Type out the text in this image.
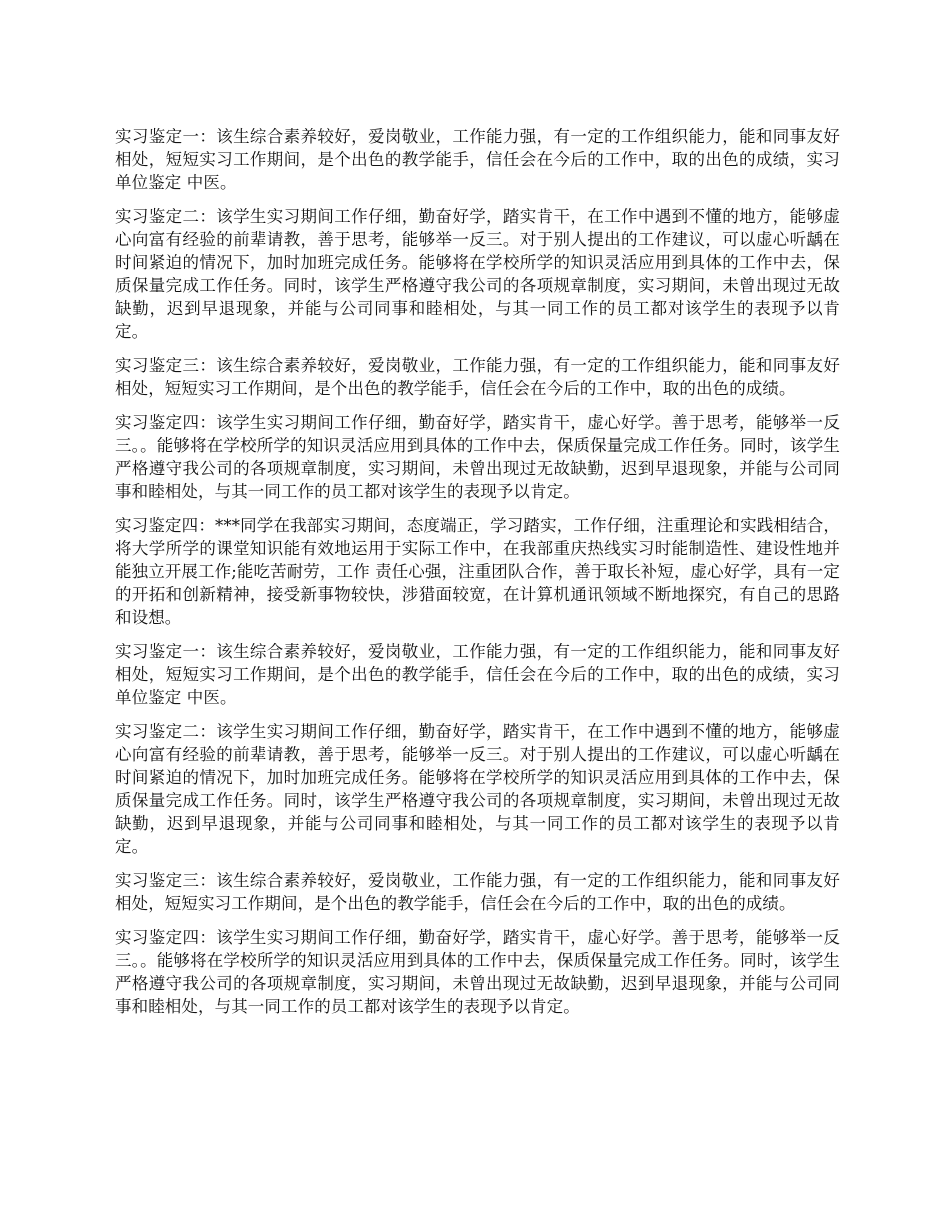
实习鉴定一：该生综合素养较好，爱岗敬业，工作能力强，有一定的工作组织能力，能和同事友好相处，短短实习工作期间，是个出色的教学能手，信任会在今后的工作中，取的出色的成绩，实习单位鉴定 中医。

实习鉴定二：该学生实习期间工作仔细，勤奋好学，踏实肯干，在工作中遇到不懂的地方，能够虚心向富有经验的前辈请教，善于思考，能够举一反三。对于别人提出的工作建议，可以虚心听龋在时间紧迫的情况下，加时加班完成任务。能够将在学校所学的知识灵活应用到具体的工作中去，保质保量完成工作任务。同时，该学生严格遵守我公司的各项规章制度，实习期间，未曾出现过无故缺勤，迟到早退现象，并能与公司同事和睦相处，与其一同工作的员工都对该学生的表现予以肯定。

实习鉴定三：该生综合素养较好，爱岗敬业，工作能力强，有一定的工作组织能力，能和同事友好相处，短短实习工作期间，是个出色的教学能手，信任会在今后的工作中，取的出色的成绩。

实习鉴定四：该学生实习期间工作仔细，勤奋好学，踏实肯干，虚心好学。善于思考，能够举一反三。。能够将在学校所学的知识灵活应用到具体的工作中去，保质保量完成工作任务。同时，该学生严格遵守我公司的各项规章制度，实习期间，未曾出现过无故缺勤，迟到早退现象，并能与公司同事和睦相处，与其一同工作的员工都对该学生的表现予以肯定。

实习鉴定四：***同学在我部实习期间，态度端正，学习踏实，工作仔细，注重理论和实践相结合，将大学所学的课堂知识能有效地运用于实际工作中，在我部重庆热线实习时能制造性、建设性地并能独立开展工作;能吃苦耐劳，工作 责任心强，注重团队合作，善于取长补短，虚心好学，具有一定的开拓和创新精神，接受新事物较快，涉猎面较宽，在计算机通讯领域不断地探究，有自己的思路和设想。

实习鉴定一：该生综合素养较好，爱岗敬业，工作能力强，有一定的工作组织能力，能和同事友好相处，短短实习工作期间，是个出色的教学能手，信任会在今后的工作中，取的出色的成绩，实习单位鉴定 中医。

实习鉴定二：该学生实习期间工作仔细，勤奋好学，踏实肯干，在工作中遇到不懂的地方，能够虚心向富有经验的前辈请教，善于思考，能够举一反三。对于别人提出的工作建议，可以虚心听龋在时间紧迫的情况下，加时加班完成任务。能够将在学校所学的知识灵活应用到具体的工作中去，保质保量完成工作任务。同时，该学生严格遵守我公司的各项规章制度，实习期间，未曾出现过无故缺勤，迟到早退现象，并能与公司同事和睦相处，与其一同工作的员工都对该学生的表现予以肯定。

实习鉴定三：该生综合素养较好，爱岗敬业，工作能力强，有一定的工作组织能力，能和同事友好相处，短短实习工作期间，是个出色的教学能手，信任会在今后的工作中，取的出色的成绩。

实习鉴定四：该学生实习期间工作仔细，勤奋好学，踏实肯干，虚心好学。善于思考，能够举一反三。。能够将在学校所学的知识灵活应用到具体的工作中去，保质保量完成工作任务。同时，该学生严格遵守我公司的各项规章制度，实习期间，未曾出现过无故缺勤，迟到早退现象，并能与公司同事和睦相处，与其一同工作的员工都对该学生的表现予以肯定。
